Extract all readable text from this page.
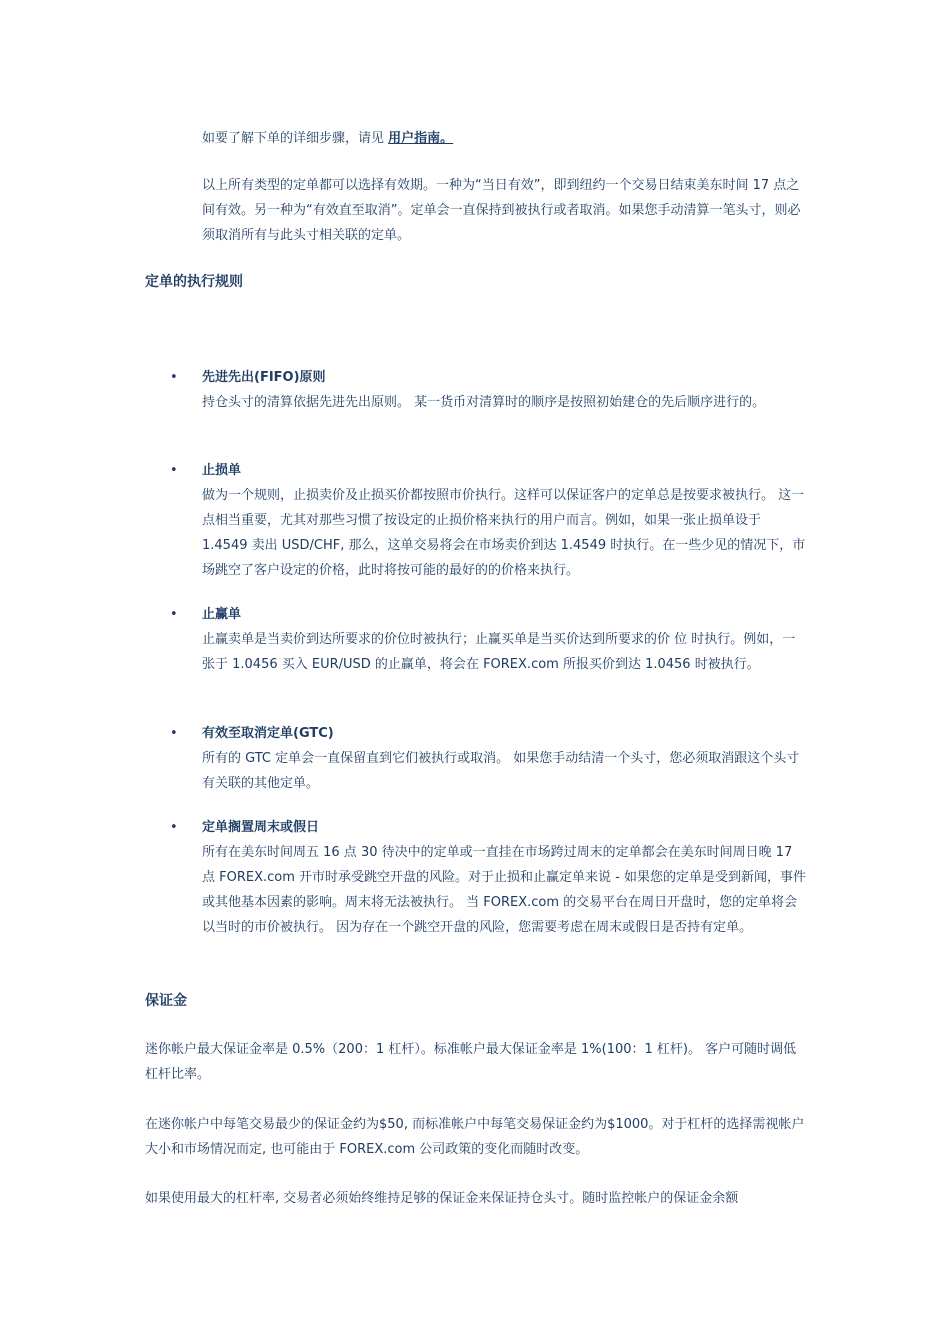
如要了解下单的详细步骤，请见 用户指南。

以上所有类型的定单都可以选择有效期。一种为“当日有效”，即到纽约一个交易日结束美东时间 17 点之间有效。另一种为“有效直至取消”。定单会一直保持到被执行或者取消。如果您手动清算一笔头寸，则必须取消所有与此头寸相关联的定单。

定单的执行规则
• 先进先出(FIFO)原则

持仓头寸的清算依据先进先出原则。 某一货币对清算时的顺序是按照初始建仓的先后顺序进行的。

• 止损单

做为一个规则，止损卖价及止损买价都按照市价执行。这样可以保证客户的定单总是按要求被执行。 这一点相当重要，尤其对那些习惯了按设定的止损价格来执行的用户而言。例如，如果一张止损单设于 1.4549 卖出 USD/CHF, 那么，这单交易将会在市场卖价到达 1.4549 时执行。在一些少见的情况下，市场跳空了客户设定的价格，此时将按可能的最好的的价格来执行。

• 止赢单

止赢卖单是当卖价到达所要求的价位时被执行；止赢买单是当买价达到所要求的价 位 时执行。例如，一张于 1.0456 买入 EUR/USD 的止赢单，将会在 FOREX.com 所报买价到达 1.0456 时被执行。

• 有效至取消定单(GTC)

所有的 GTC 定单会一直保留直到它们被执行或取消。 如果您手动结清一个头寸，您必须取消跟这个头寸有关联的其他定单。

• 定单搁置周末或假日

所有在美东时间周五 16 点 30 待决中的定单或一直挂在市场跨过周末的定单都会在美东时间周日晚 17 点 FOREX.com 开市时承受跳空开盘的风险。对于止损和止赢定单来说 - 如果您的定单是受到新闻，事件或其他基本因素的影响。周末将无法被执行。 当 FOREX.com 的交易平台在周日开盘时，您的定单将会以当时的市价被执行。 因为存在一个跳空开盘的风险，您需要考虑在周末或假日是否持有定单。

保证金

迷你帐户最大保证金率是 0.5%（200：1 杠杆）。标准帐户最大保证金率是 1%(100：1 杠杆)。 客户可随时调低杠杆比率。

在迷你帐户中每笔交易最少的保证金约为$50, 而标准帐户中每笔交易保证金约为$1000。对于杠杆的选择需视帐户大小和市场情况而定, 也可能由于 FOREX.com 公司政策的变化而随时改变。

如果使用最大的杠杆率, 交易者必须始终维持足够的保证金来保证持仓头寸。随时监控帐户的保证金余额
